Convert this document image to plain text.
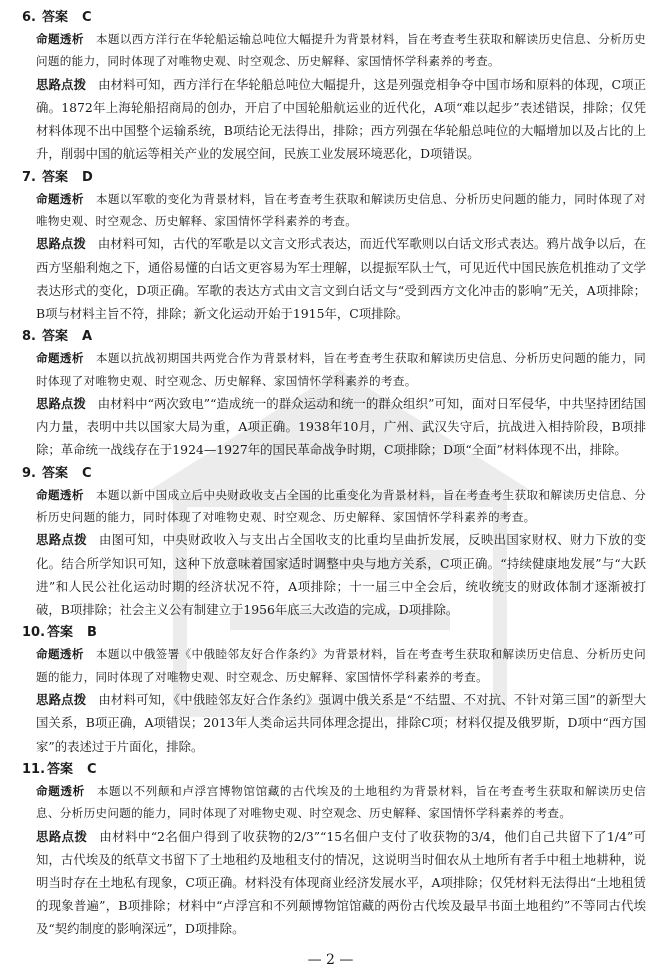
6. 答案 C
命题透析 本题以西方洋行在华轮船运输总吨位大幅提升为背景材料，旨在考查考生获取和解读历史信息、分析历史问题的能力，同时体现了对唯物史观、时空观念、历史解释、家国情怀学科素养的考查。
思路点拨 由材料可知，西方洋行在华轮船总吨位大幅提升，这是列强竞相争夺中国市场和原料的体现，C项正确。1872年上海轮船招商局的创办，开启了中国轮船航运业的近代化，A项“难以起步”表述错误，排除；仅凭材料体现不出中国整个运输系统，B项结论无法得出，排除；西方列强在华轮船总吨位的大幅增加以及占比的上升，削弱中国的航运等相关产业的发展空间，民族工业发展环境恶化，D项错误。
7. 答案 D
命题透析 本题以军歌的变化为背景材料，旨在考查考生获取和解读历史信息、分析历史问题的能力，同时体现了对唯物史观、时空观念、历史解释、家国情怀学科素养的考查。
思路点拨 由材料可知，古代的军歌是以文言文形式表达，而近代军歌则以白话文形式表达。鸦片战争以后，在西方坚船利炮之下，通俗易懂的白话文更容易为军士理解，以提振军队士气，可见近代中国民族危机推动了文学表达形式的变化，D项正确。军歌的表达方式由文言文到白话文与“受到西方文化冲击的影响”无关，A项排除；B项与材料主旨不符，排除；新文化运动开始于1915年，C项排除。
8. 答案 A
命题透析 本题以抗战初期国共两党合作为背景材料，旨在考查考生获取和解读历史信息、分析历史问题的能力，同时体现了对唯物史观、时空观念、历史解释、家国情怀学科素养的考查。
思路点拨 由材料中“两次致电”“造成统一的群众运动和统一的群众组织”可知，面对日军侵华，中共坚持团结国内力量，表明中共以国家大局为重，A项正确。1938年10月，广州、武汉失守后，抗战进入相持阶段，B项排除；革命统一战线存在于1924—1927年的国民革命战争时期，C项排除；D项“全面”材料体现不出，排除。
9. 答案 C
命题透析 本题以新中国成立后中央财政收支占全国的比重变化为背景材料，旨在考查考生获取和解读历史信息、分析历史问题的能力，同时体现了对唯物史观、时空观念、历史解释、家国情怀学科素养的考查。
思路点拨 由图可知，中央财政收入与支出占全国收支的比重均呈曲折发展，反映出国家财权、财力下放的变化。结合所学知识可知，这种下放意味着国家适时调整中央与地方关系，C项正确。“持续健康地发展”与“大跃进”和人民公社化运动时期的经济状况不符，A项排除；十一届三中全会后，统收统支的财政体制才逐渐被打破，B项排除；社会主义公有制建立于1956年底三大改造的完成，D项排除。
10. 答案 B
命题透析 本题以中俄签署《中俄睦邻友好合作条约》为背景材料，旨在考查考生获取和解读历史信息、分析历史问题的能力，同时体现了对唯物史观、时空观念、历史解释、家国情怀学科素养的考查。
思路点拨 由材料可知，《中俄睦邻友好合作条约》强调中俄关系是“不结盟、不对抗、不针对第三国”的新型大国关系，B项正确，A项错误；2013年人类命运共同体理念提出，排除C项；材料仅提及俄罗斯，D项中“西方国家”的表述过于片面化，排除。
11. 答案 C
命题透析 本题以不列颠和卢浮宫博物馆馆藏的古代埃及的土地租约为背景材料，旨在考查考生获取和解读历史信息、分析历史问题的能力，同时体现了对唯物史观、时空观念、历史解释、家国情怀学科素养的考查。
思路点拨 由材料中“2名佃户得到了收获物的2/3”“15名佃户支付了收获物的3/4，他们自己共留下了1/4”可知，古代埃及的纸草文书留下了土地租约及地租支付的情况，这说明当时佃农从土地所有者手中租土地耕种，说明当时存在土地私有现象，C项正确。材料没有体现商业经济发展水平，A项排除；仅凭材料无法得出“土地租赁的现象普遍”，B项排除；材料中“卢浮宫和不列颠博物馆馆藏的两份古代埃及最早书面土地租约”不等同古代埃及“契约制度的影响深远”，D项排除。
— 2 —
